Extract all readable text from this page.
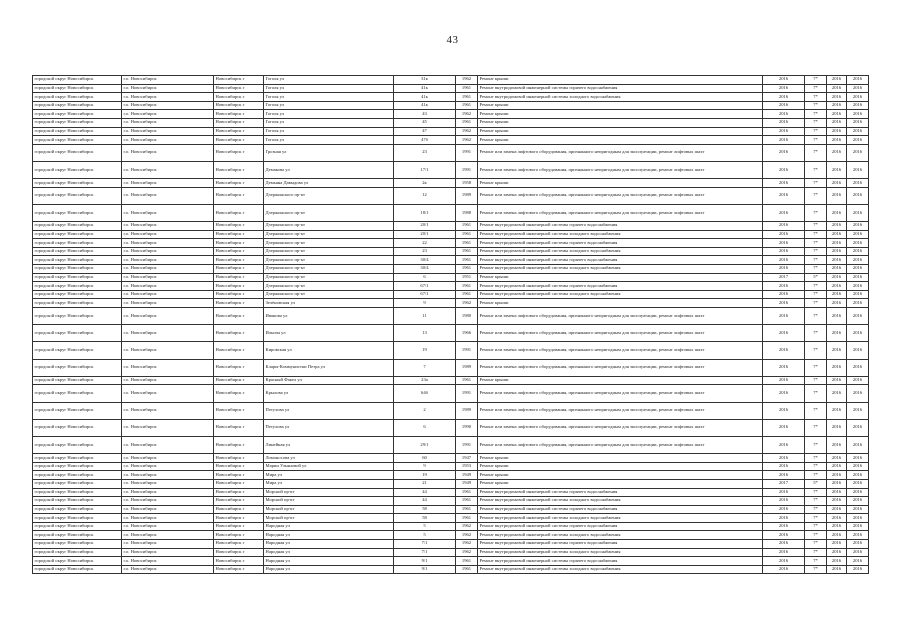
43
городской округ Новосибирск	г.о. Новосибирск	Новосибирск г	Гоголя ул	31к	1962	Ремонт крыши	2016	7*	2016	2016
городской округ Новосибирск	г.о. Новосибирск	Новосибирск г	Гоголя ул	41к	1961	Ремонт внутридомовой инженерной системы горячего водоснабжения	2016	7*	2016	2016
городской округ Новосибирск	г.о. Новосибирск	Новосибирск г	Гоголя ул	41к	1961	Ремонт внутридомовой инженерной системы холодного водоснабжения	2016	7*	2016	2016
городской округ Новосибирск	г.о. Новосибирск	Новосибирск г	Гоголя ул	41к	1961	Ремонт крыши	2016	7*	2016	2016
городской округ Новосибирск	г.о. Новосибирск	Новосибирск г	Гоголя ул	43	1962	Ремонт крыши	2016	7*	2016	2016
городской округ Новосибирск	г.о. Новосибирск	Новосибирск г	Гоголя ул	45	1961	Ремонт крыши	2016	7*	2016	2016
городской округ Новосибирск	г.о. Новосибирск	Новосибирск г	Гоголя ул	47	1962	Ремонт крыши	2016	7*	2016	2016
городской округ Новосибирск	г.о. Новосибирск	Новосибирск г	Гоголя ул	47б	1962	Ремонт крыши	2016	7*	2016	2016
городской округ Новосибирск	г.о. Новосибирск	Новосибирск г	Грозная ул	23	1991	Ремонт или замена лифтового оборудования, признанного непригодным для эксплуатации, ремонт лифтовых шахт	2016	7*	2016	2016
городской округ Новосибирск	г.о. Новосибирск	Новосибирск г	Демакова ул	17/1	1991	Ремонт или замена лифтового оборудования, признанного непригодным для эксплуатации, ремонт лифтовых шахт	2016	7*	2016	2016
городской округ Новосибирск	г.о. Новосибирск	Новосибирск г	Демьяна Давыдова ул	2к	1958	Ремонт крыши	2016	7*	2016	2016
городской округ Новосибирск	г.о. Новосибирск	Новосибирск г	Дзержинского пр-кт	12	1989	Ремонт или замена лифтового оборудования, признанного непригодным для эксплуатации, ремонт лифтовых шахт	2016	7*	2016	2016
городской округ Новосибирск	г.о. Новосибирск	Новосибирск г	Дзержинского пр-кт	18/1	1988	Ремонт или замена лифтового оборудования, признанного непригодным для эксплуатации, ремонт лифтовых шахт	2016	7*	2016	2016
городской округ Новосибирск	г.о. Новосибирск	Новосибирск г	Дзержинского пр-кт	20/1	1961	Ремонт внутридомовой инженерной системы горячего водоснабжения	2016	7*	2016	2016
городской округ Новосибирск	г.о. Новосибирск	Новосибирск г	Дзержинского пр-кт	20/1	1961	Ремонт внутридомовой инженерной системы холодного водоснабжения	2016	7*	2016	2016
городской округ Новосибирск	г.о. Новосибирск	Новосибирск г	Дзержинского пр-кт	22	1961	Ремонт внутридомовой инженерной системы горячего водоснабжения	2016	7*	2016	2016
городской округ Новосибирск	г.о. Новосибирск	Новосибирск г	Дзержинского пр-кт	23	1961	Ремонт внутридомовой инженерной системы холодного водоснабжения	2016	7*	2016	2016
городской округ Новосибирск	г.о. Новосибирск	Новосибирск г	Дзержинского пр-кт	30/4	1961	Ремонт внутридомовой инженерной системы горячего водоснабжения	2016	7*	2016	2016
городской округ Новосибирск	г.о. Новосибирск	Новосибирск г	Дзержинского пр-кт	30/4	1961	Ремонт внутридомовой инженерной системы холодного водоснабжения	2016	7*	2016	2016
городской округ Новосибирск	г.о. Новосибирск	Новосибирск г	Дзержинского пр-кт	6	1951	Ремонт крыши	2017	5*	2016	2016
городской округ Новосибирск	г.о. Новосибирск	Новосибирск г	Дзержинского пр-кт	67/1	1961	Ремонт внутридомовой инженерной системы горячего водоснабжения	2016	7*	2016	2016
городской округ Новосибирск	г.о. Новосибирск	Новосибирск г	Дзержинского пр-кт	67/1	1961	Ремонт внутридомовой инженерной системы холодного водоснабжения	2016	7*	2016	2016
городской округ Новосибирск	г.о. Новосибирск	Новосибирск г	Зелёновская ул	9	1962	Ремонт крыши	2016	7*	2016	2016
городской округ Новосибирск	г.о. Новосибирск	Новосибирск г	Иванова ул	11	1980	Ремонт или замена лифтового оборудования, признанного непригодным для эксплуатации, ремонт лифтовых шахт	2016	7*	2016	2016
городской округ Новосибирск	г.о. Новосибирск	Новосибирск г	Ильича ул	13	1966	Ремонт или замена лифтового оборудования, признанного непригодным для эксплуатации, ремонт лифтовых шахт	2016	7*	2016	2016
городской округ Новосибирск	г.о. Новосибирск	Новосибирск г	Кировская ул	19	1991	Ремонт или замена лифтового оборудования, признанного непригодным для эксплуатации, ремонт лифтовых шахт	2016	7*	2016	2016
городской округ Новосибирск	г.о. Новосибирск	Новосибирск г	Клары-Коммунистки Петра ул	7	1989	Ремонт или замена лифтового оборудования, признанного непригодным для эксплуатации, ремонт лифтовых шахт	2016	7*	2016	2016
городской округ Новосибирск	г.о. Новосибирск	Новосибирск г	Красный Факел ул	23а	1961	Ремонт крыши	2016	7*	2016	2016
городской округ Новосибирск	г.о. Новосибирск	Новосибирск г	Крылова ул	64б	1991	Ремонт или замена лифтового оборудования, признанного непригодным для эксплуатации, ремонт лифтовых шахт	2016	7*	2016	2016
городской округ Новосибирск	г.о. Новосибирск	Новосибирск г	Петухова ул	2	1989	Ремонт или замена лифтового оборудования, признанного непригодным для эксплуатации, ремонт лифтовых шахт	2016	7*	2016	2016
городской округ Новосибирск	г.о. Новосибирск	Новосибирск г	Петухова ул	6	1990	Ремонт или замена лифтового оборудования, признанного непригодным для эксплуатации, ремонт лифтовых шахт	2016	7*	2016	2016
городской округ Новосибирск	г.о. Новосибирск	Новосибирск г	Линейная ул	29/1	1991	Ремонт или замена лифтового оборудования, признанного непригодным для эксплуатации, ремонт лифтовых шахт	2016	7*	2016	2016
городской округ Новосибирск	г.о. Новосибирск	Новосибирск г	Ломоносова ул	60	1947	Ремонт крыши	2016	7*	2016	2016
городской округ Новосибирск	г.о. Новосибирск	Новосибирск г	Марии Ульяновой ул	9	1953	Ремонт крыши	2016	7*	2016	2016
городской округ Новосибирск	г.о. Новосибирск	Новосибирск г	Мира ул	19	1949	Ремонт крыши	2016	7*	2016	2016
городской округ Новосибирск	г.о. Новосибирск	Новосибирск г	Мира ул	21	1949	Ремонт крыши	2017	5*	2016	2016
городской округ Новосибирск	г.о. Новосибирск	Новосибирск г	Морской пр-кт	44	1961	Ремонт внутридомовой инженерной системы горячего водоснабжения	2016	7*	2016	2016
городской округ Новосибирск	г.о. Новосибирск	Новосибирск г	Морской пр-кт	44	1961	Ремонт внутридомовой инженерной системы холодного водоснабжения	2016	7*	2016	2016
городской округ Новосибирск	г.о. Новосибирск	Новосибирск г	Морской пр-кт	58	1961	Ремонт внутридомовой инженерной системы горячего водоснабжения	2016	7*	2016	2016
городской округ Новосибирск	г.о. Новосибирск	Новосибирск г	Морской пр-кт	58	1961	Ремонт внутридомовой инженерной системы холодного водоснабжения	2016	7*	2016	2016
городской округ Новосибирск	г.о. Новосибирск	Новосибирск г	Народная ул	5	1962	Ремонт внутридомовой инженерной системы горячего водоснабжения	2016	7*	2016	2016
городской округ Новосибирск	г.о. Новосибирск	Новосибирск г	Народная ул	5	1962	Ремонт внутридомовой инженерной системы холодного водоснабжения	2016	7*	2016	2016
городской округ Новосибирск	г.о. Новосибирск	Новосибирск г	Народная ул	7/1	1962	Ремонт внутридомовой инженерной системы горячего водоснабжения	2016	7*	2016	2016
городской округ Новосибирск	г.о. Новосибирск	Новосибирск г	Народная ул	7/1	1962	Ремонт внутридомовой инженерной системы холодного водоснабжения	2016	7*	2016	2016
городской округ Новосибирск	г.о. Новосибирск	Новосибирск г	Народная ул	9/1	1961	Ремонт внутридомовой инженерной системы горячего водоснабжения	2016	7*	2016	2016
городской округ Новосибирск	г.о. Новосибирск	Новосибирск г	Народная ул	9/1	1961	Ремонт внутридомовой инженерной системы холодного водоснабжения	2016	7*	2016	2016
